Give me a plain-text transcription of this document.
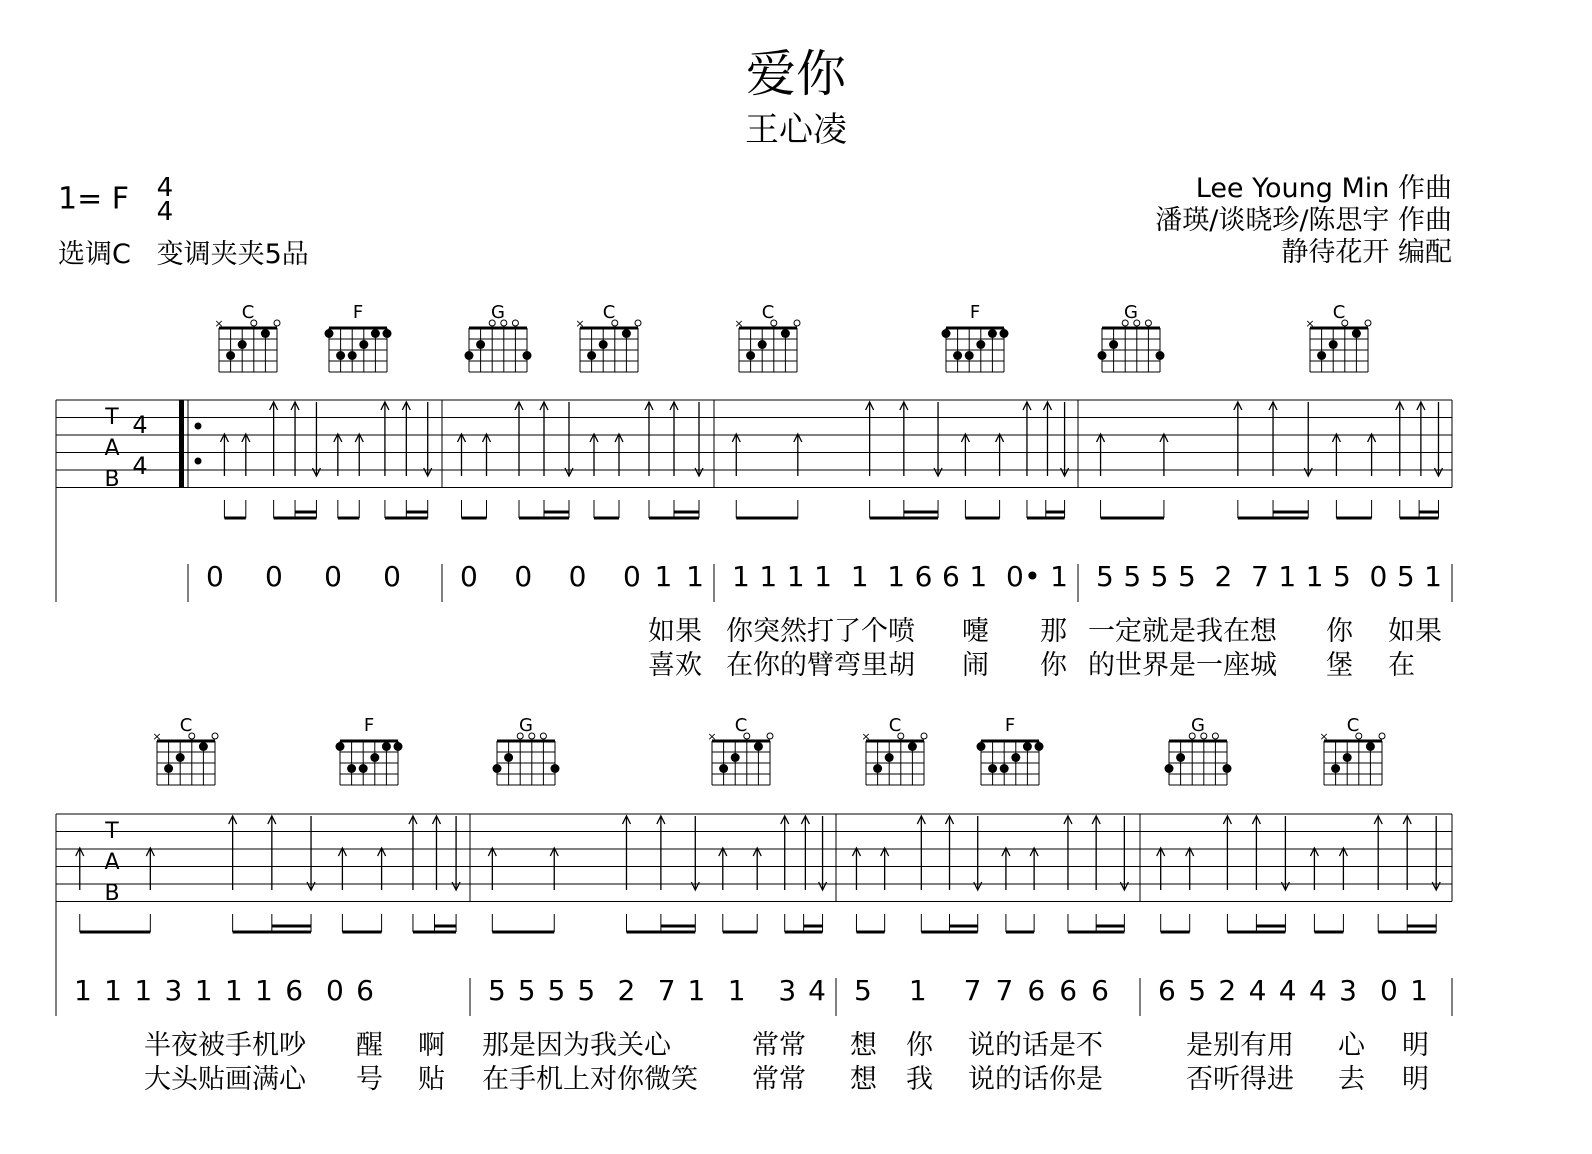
爱你
王心凌
1= F 4
4
选调C   变调夹夹5品
Lee Young Min 作曲
潘瑛/谈晓珍/陈思宇 作曲
静待花开 编配
T
A
B
4
4
C
×
F	G	C
×
C
×
F	G	C
×
0   0   0   0 0   0   0   0 1 1 1 1 1 1  1  1 6 6 1  0• 1 5 5 5 5  2  7 1 1 5  0 5 1
如果 你突然打了个喷 嚏 那 一定就是我在想 你 如果
喜欢 在你的臂弯里胡 闹 你 的世界是一座城 堡 在
T
A
B
C
×
F	G	C
×
C
×
F	G	C
×
1 1 1 3 1 1 1 6  0 6	5 5 5 5  2  7 1  1   3 4 5   1   7 7 6 6 6 6 5 2 4 4 4 3  0 1
半夜被手机吵 醒 啊 那是因为我关心	常常 想 你 说的话是不	是别有用 心 明
大头贴画满心 号 贴 在手机上对你微笑 常常 想 我 说的话你是	否听得进 去 明
